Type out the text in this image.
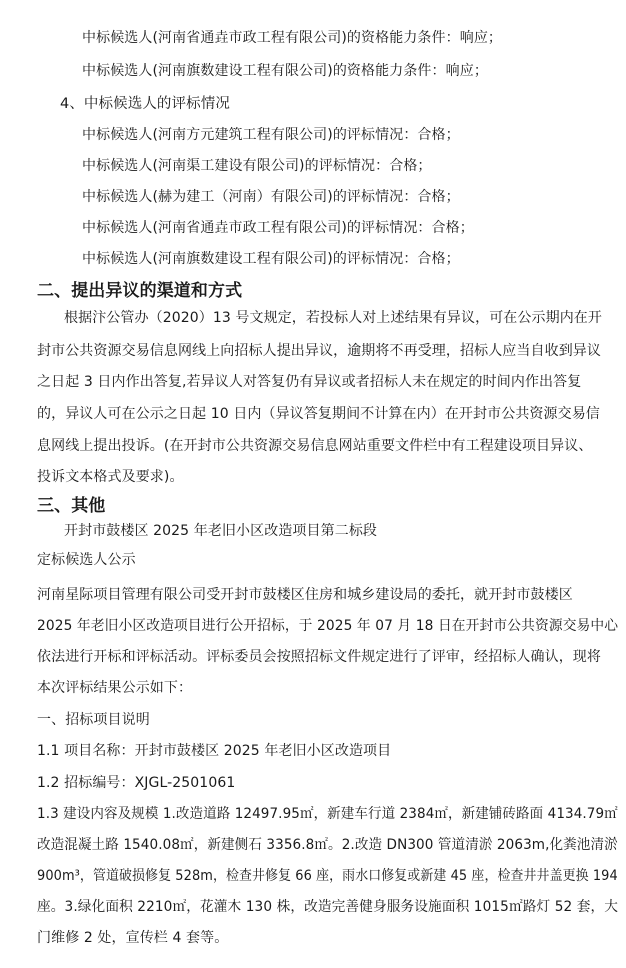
中标候选人(河南省通垚市政工程有限公司)的资格能力条件：响应；
中标候选人(河南旗数建设工程有限公司)的资格能力条件：响应；
4、中标候选人的评标情况
中标候选人(河南方元建筑工程有限公司)的评标情况：合格；
中标候选人(河南渠工建设有限公司)的评标情况：合格；
中标候选人(赫为建工（河南）有限公司)的评标情况：合格；
中标候选人(河南省通垚市政工程有限公司)的评标情况：合格；
中标候选人(河南旗数建设工程有限公司)的评标情况：合格；
二、提出异议的渠道和方式
根据汴公管办（2020）13 号文规定，若投标人对上述结果有异议，可在公示期内在开
封市公共资源交易信息网线上向招标人提出异议，逾期将不再受理，招标人应当自收到异议
之日起 3 日内作出答复,若异议人对答复仍有异议或者招标人未在规定的时间内作出答复
的，异议人可在公示之日起 10 日内（异议答复期间不计算在内）在开封市公共资源交易信
息网线上提出投诉。(在开封市公共资源交易信息网站重要文件栏中有工程建设项目异议、
投诉文本格式及要求)。
三、其他
开封市鼓楼区 2025 年老旧小区改造项目第二标段
定标候选人公示
河南星际项目管理有限公司受开封市鼓楼区住房和城乡建设局的委托，就开封市鼓楼区
2025 年老旧小区改造项目进行公开招标，于 2025 年 07 月 18 日在开封市公共资源交易中心
依法进行开标和评标活动。评标委员会按照招标文件规定进行了评审，经招标人确认，现将
本次评标结果公示如下：
一、招标项目说明
1.1 项目名称：开封市鼓楼区 2025 年老旧小区改造项目
1.2 招标编号：XJGL-2501061
1.3 建设内容及规模 1.改造道路 12497.95㎡，新建车行道 2384㎡，新建铺砖路面 4134.79㎡
改造混凝土路 1540.08㎡，新建侧石 3356.8㎡。2.改造 DN300 管道清淤 2063m,化粪池清淤
900m³，管道破损修复 528m，检查井修复 66 座，雨水口修复或新建 45 座，检查井井盖更换 194
座。3.绿化面积 2210㎡，花灌木 130 株，改造完善健身服务设施面积 1015㎡路灯 52 套，大
门维修 2 处，宣传栏 4 套等。
